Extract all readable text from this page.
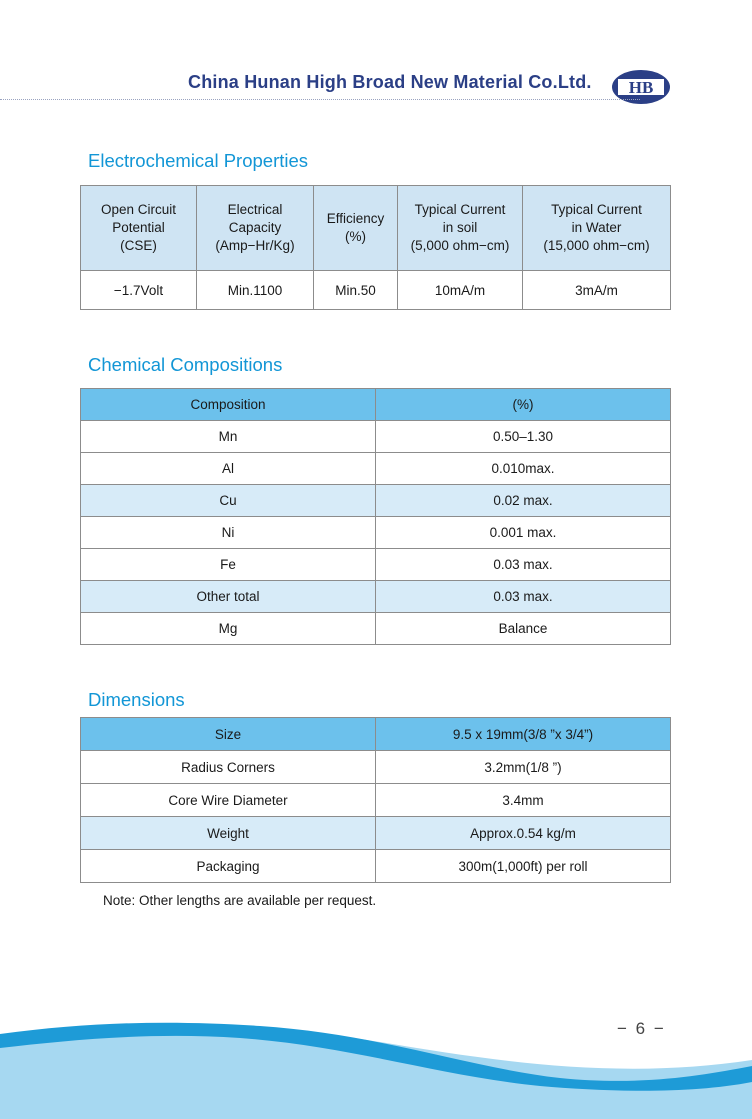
China Hunan High Broad New Material Co.Ltd. HB
Electrochemical Properties
Open Circuit
Potential
(CSE)	Electrical
Capacity
(Amp−Hr/Kg)	Efficiency
(%)	Typical Current
in soil
(5,000 ohm−cm)	Typical Current
in Water
(15,000 ohm−cm)
−1.7Volt	Min.1100	Min.50	10mA/m	3mA/m
Chemical Compositions
Composition	(%)
Mn	0.50–1.30
Al	0.010max.
Cu	0.02 max.
Ni	0.001 max.
Fe	0.03 max.
Other total	0.03 max.
Mg	Balance
Dimensions
Size	9.5 x 19mm(3/8 ”x 3/4”)
Radius Corners	3.2mm(1/8 ”)
Core Wire Diameter	3.4mm
Weight	Approx.0.54 kg/m
Packaging	300m(1,000ft) per roll
Note: Other lengths are available per request.
− 6 −
